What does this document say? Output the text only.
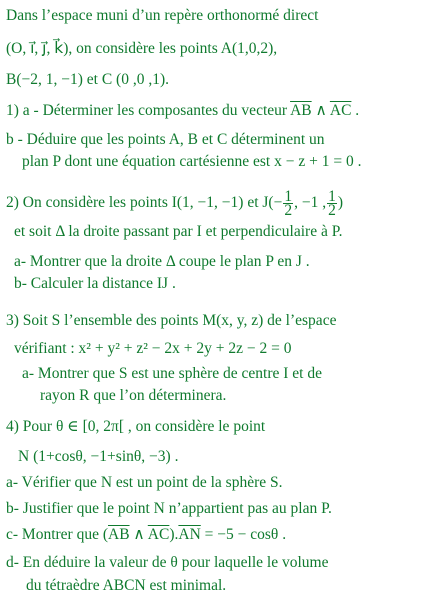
Dans l’espace muni d’un repère orthonormé direct
(O, i⃗, j⃗, k⃗), on considère les points A(1,0,2),
B(−2, 1, −1) et C (0 ,0 ,1).
1) a - Déterminer les composantes du vecteur $\overline{AB}$ ∧ $\overline{AC}$ .
b - Déduire que les points A, B et C déterminent un
plan P dont une équation cartésienne est x − z + 1 = 0 .
2) On considère les points I(1, −1, −1) et $J(- \frac{1}{2}$ , −1 , $\frac{1}{2}$ )
et soit Δ la droite passant par I et perpendiculaire à P.
a- Montrer que la droite Δ coupe le plan P en J .
b- Calculer la distance IJ .
3) Soit S l’ensemble des points M(x, y, z) de l’espace
vérifiant : x² + y² + z² − 2x + 2y + 2z − 2 = 0
a- Montrer que S est une sphère de centre I et de
rayon R que l’on déterminera.
4) Pour θ ∈ [0, 2π[ , on considère le point
N (1+cosθ, −1+sinθ, −3) .
a- Vérifier que N est un point de la sphère S.
b- Justifier que le point N n’appartient pas au plan P.
c- Montrer que ($\overline{AB}$ ∧ $\overline{AC}).\overline{AN} = -5 - \cos\theta$ .
d- En déduire la valeur de θ pour laquelle le volume
du tétraèdre ABCN est minimal.
